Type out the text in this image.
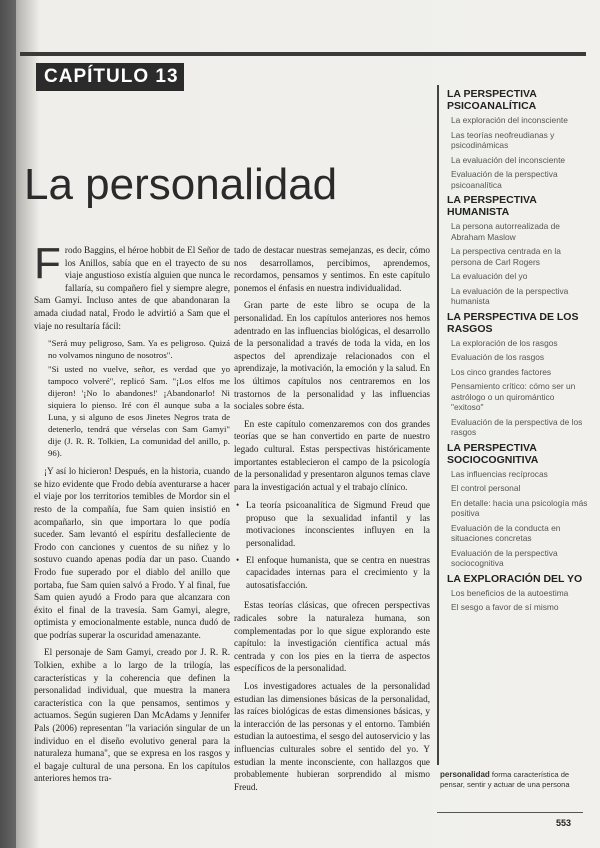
CAPÍTULO 13
La personalidad
F rodo Baggins, el héroe hobbit de El Señor de los Anillos, sabía que en el trayecto de su viaje angustioso existía alguien que nunca le fallaría, su compañero fiel y siempre alegre, Sam Gamyi. Incluso antes de que abandonaran la amada ciudad natal, Frodo le advirtió a Sam que el viaje no resultaría fácil:

"Será muy peligroso, Sam. Ya es peligroso. Quizá no volvamos ninguno de nosotros".

"Si usted no vuelve, señor, es verdad que yo tampoco volveré", replicó Sam. "¡Los elfos me dijeron! '¡No lo abandones!' ¡Abandonarlo! Ni siquiera lo pienso. Iré con él aunque suba a la Luna, y si alguno de esos Jinetes Negros trata de detenerlo, tendrá que vérselas con Sam Gamyi" dije (J. R. R. Tolkien, La comunidad del anillo, p. 96).

¡Y así lo hicieron! Después, en la historia, cuando se hizo evidente que Frodo debía aventurarse a hacer el viaje por los territorios temibles de Mordor sin el resto de la compañía, fue Sam quien insistió en acompañarlo, sin que importara lo que podía suceder. Sam levantó el espíritu desfalleciente de Frodo con canciones y cuentos de su niñez y lo sostuvo cuando apenas podía dar un paso. Cuando Frodo fue superado por el diablo del anillo que portaba, fue Sam quien salvó a Frodo. Y al final, fue Sam quien ayudó a Frodo para que alcanzara con éxito el final de la travesía. Sam Gamyi, alegre, optimista y emocionalmente estable, nunca dudó de que podrías superar la oscuridad amenazante.

El personaje de Sam Gamyi, creado por J. R. R. Tolkien, exhibe a lo largo de la trilogía, las características y la coherencia que definen la personalidad individual, que muestra la manera característica con la que pensamos, sentimos y actuamos. Según sugieren Dan McAdams y Jennifer Pals (2006) representan "la variación singular de un individuo en el diseño evolutivo general para la naturaleza humana", que se expresa en los rasgos y el bagaje cultural de una persona. En los capítulos anteriores hemos tra-

tado de destacar nuestras semejanzas, es decir, cómo nos desarrollamos, percibimos, aprendemos, recordamos, pensamos y sentimos. En este capítulo ponemos el énfasis en nuestra individualidad.

Gran parte de este libro se ocupa de la personalidad. En los capítulos anteriores nos hemos adentrado en las influencias biológicas, el desarrollo de la personalidad a través de toda la vida, en los aspectos del aprendizaje relacionados con el aprendizaje, la motivación, la emoción y la salud. En los últimos capítulos nos centraremos en los trastornos de la personalidad y las influencias sociales sobre ésta.

En este capítulo comenzaremos con dos grandes teorías que se han convertido en parte de nuestro legado cultural. Estas perspectivas históricamente importantes establecieron el campo de la psicología de la personalidad y presentaron algunos temas clave para la investigación actual y el trabajo clínico.

• La teoría psicoanalítica de Sigmund Freud que propuso que la sexualidad infantil y las motivaciones inconscientes influyen en la personalidad.
• El enfoque humanista, que se centra en nuestras capacidades internas para el crecimiento y la autosatisfacción.

Estas teorías clásicas, que ofrecen perspectivas radicales sobre la naturaleza humana, son complementadas por lo que sigue explorando este capítulo: la investigación científica actual más centrada y con los pies en la tierra de aspectos específicos de la personalidad.

Los investigadores actuales de la personalidad estudian las dimensiones básicas de la personalidad, las raíces biológicas de estas dimensiones básicas, y la interacción de las personas y el entorno. También estudian la autoestima, el sesgo del autoservicio y las influencias culturales sobre el sentido del yo. Y estudian la mente inconsciente, con hallazgos que probablemente hubieran sorprendido al mismo Freud.

LA PERSPECTIVA PSICOANALÍTICA
La exploración del inconsciente
Las teorías neofreudianas y psicodinámicas
La evaluación del inconsciente
Evaluación de la perspectiva psicoanalítica
LA PERSPECTIVA HUMANISTA
La persona autorrealizada de Abraham Maslow
La perspectiva centrada en la persona de Carl Rogers
La evaluación del yo
La evaluación de la perspectiva humanista
LA PERSPECTIVA DE LOS RASGOS
La exploración de los rasgos
Evaluación de los rasgos
Los cinco grandes factores
Pensamiento crítico: cómo ser un astrólogo o un quiromántico "exitoso"
Evaluación de la perspectiva de los rasgos
LA PERSPECTIVA SOCIOCOGNITIVA
Las influencias recíprocas
El control personal
En detalle: hacia una psicología más positiva
Evaluación de la conducta en situaciones concretas
Evaluación de la perspectiva sociocognitiva
LA EXPLORACIÓN DEL YO
Los beneficios de la autoestima
El sesgo a favor de sí mismo
personalidad forma característica de pensar, sentir y actuar de una persona
553
